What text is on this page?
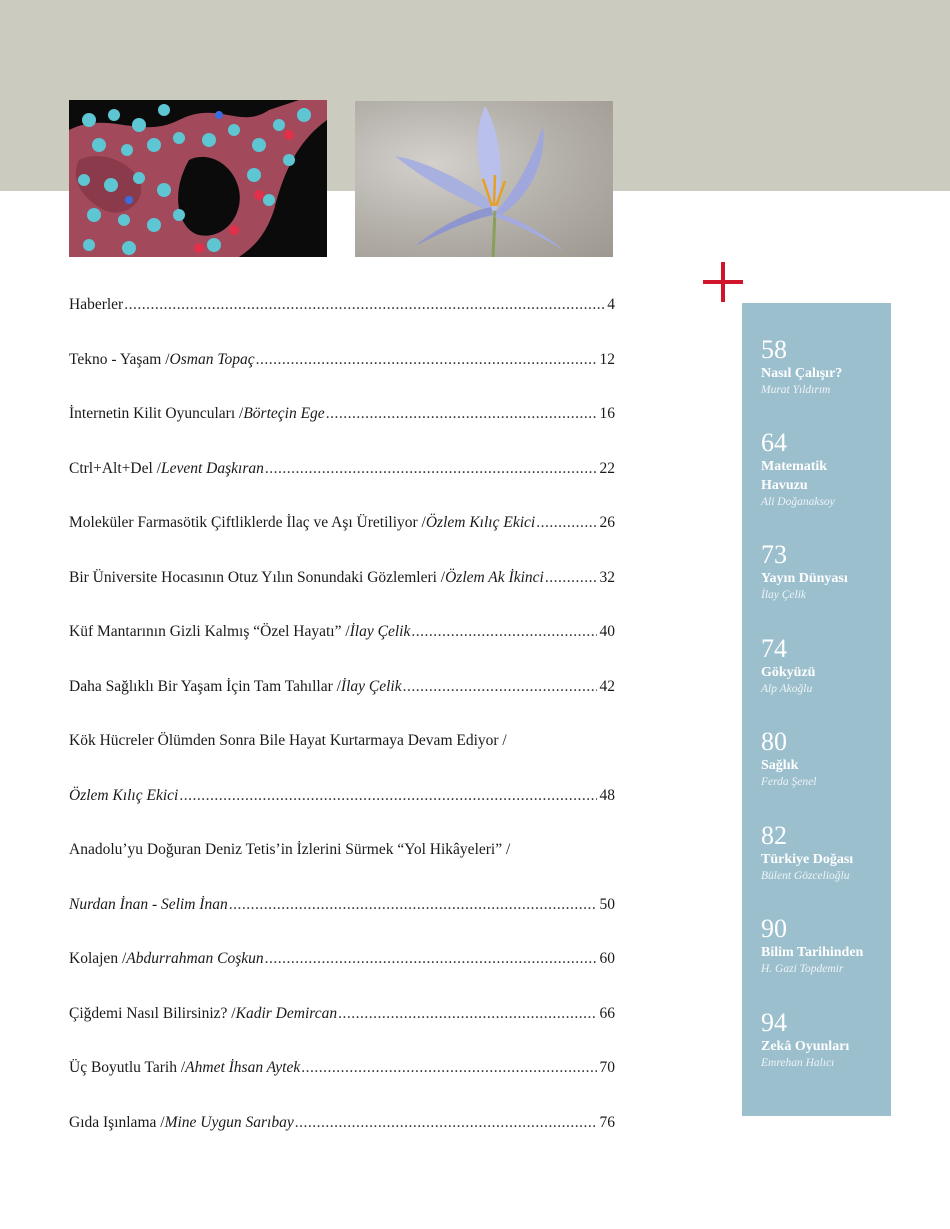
Haberler .....	4
Tekno - Yaşam / Osman Topaç .....	12
İnternetin Kilit Oyuncuları / Börteçin Ege .....	16
Ctrl+Alt+Del / Levent Daşkıran .....	22
Moleküler Farmasötik Çiftliklerde İlaç ve Aşı Üretiliyor / Özlem Kılıç Ekici .....	26
Bir Üniversite Hocasının Otuz Yılın Sonundaki Gözlemleri / Özlem Ak İkinci .....	32
Küf Mantarının Gizli Kalmış “Özel Hayatı” / İlay Çelik .....	40
Daha Sağlıklı Bir Yaşam İçin Tam Tahıllar / İlay Çelik .....	42
Kök Hücreler Ölümden Sonra Bile Hayat Kurtarmaya Devam Ediyor /
Özlem Kılıç Ekici .....	48
Anadolu’yu Doğuran Deniz Tetis’in İzlerini Sürmek “Yol Hikâyeleri” /
Nurdan İnan - Selim İnan .....	50
Kolajen / Abdurrahman Coşkun .....	60
Çiğdemi Nasıl Bilirsiniz? / Kadir Demircan .....	66
Üç Boyutlu Tarih / Ahmet İhsan Aytek .....	70
Gıda Işınlama / Mine Uygun Sarıbay .....	76
58
Nasıl Çalışır?
Murat Yıldırım
64
Matematik Havuzu
Ali Doğanaksoy
73
Yayın Dünyası
İlay Çelik
74
Gökyüzü
Alp Akoğlu
80
Sağlık
Ferda Şenel
82
Türkiye Doğası
Bülent Gözcelioğlu
90
Bilim Tarihinden
H. Gazi Topdemir
94
Zekâ Oyunları
Emrehan Halıcı
